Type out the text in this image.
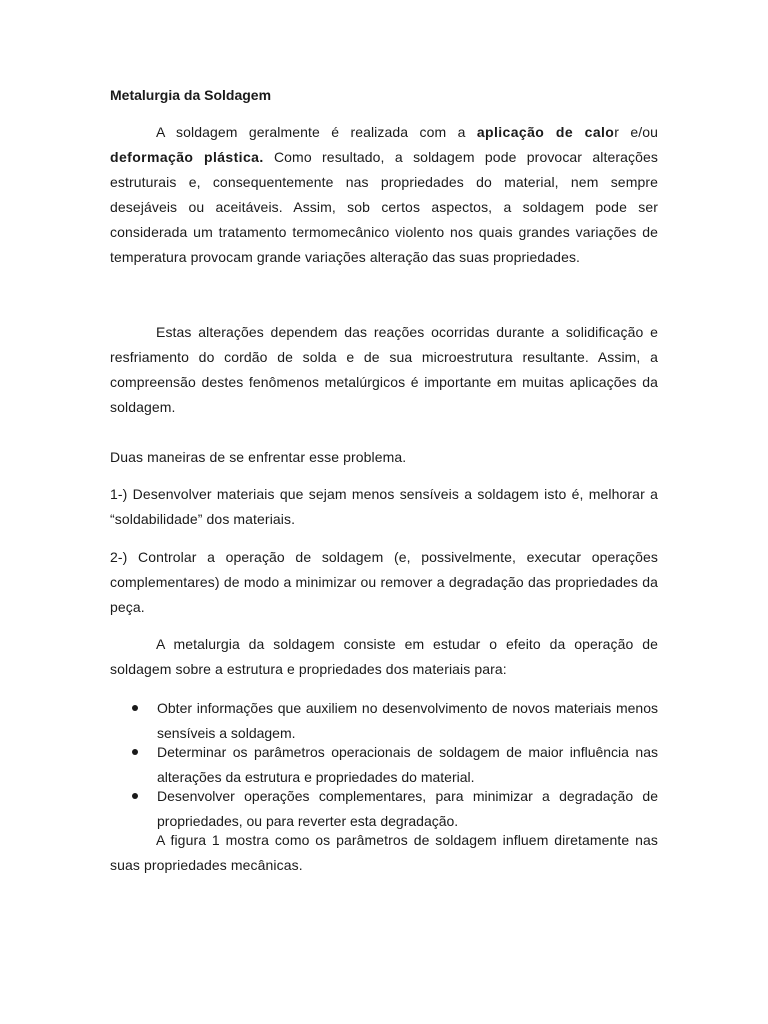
Metalurgia da Soldagem

A soldagem geralmente é realizada com a aplicação de calor e/ou deformação plástica. Como resultado, a soldagem pode provocar alterações estruturais e, consequentemente nas propriedades do material, nem sempre desejáveis ou aceitáveis. Assim, sob certos aspectos, a soldagem pode ser considerada um tratamento termomecânico violento nos quais grandes variações de temperatura provocam grande variações alteração das suas propriedades.

Estas alterações dependem das reações ocorridas durante a solidificação e resfriamento do cordão de solda e de sua microestrutura resultante. Assim, a compreensão destes fenômenos metalúrgicos é importante em muitas aplicações da soldagem.

Duas maneiras de se enfrentar esse problema.

1-) Desenvolver materiais que sejam menos sensíveis a soldagem isto é, melhorar a “soldabilidade” dos materiais.

2-) Controlar a operação de soldagem (e, possivelmente, executar operações complementares) de modo a minimizar ou remover a degradação das propriedades da peça.

A metalurgia da soldagem consiste em estudar o efeito da operação de soldagem sobre a estrutura e propriedades dos materiais para:

Obter informações que auxiliem no desenvolvimento de novos materiais menos sensíveis a soldagem.
Determinar os parâmetros operacionais de soldagem de maior influência nas alterações da estrutura e propriedades do material.
Desenvolver operações complementares, para minimizar a degradação de propriedades, ou para reverter esta degradação.

A figura 1 mostra como os parâmetros de soldagem influem diretamente nas suas propriedades mecânicas.
